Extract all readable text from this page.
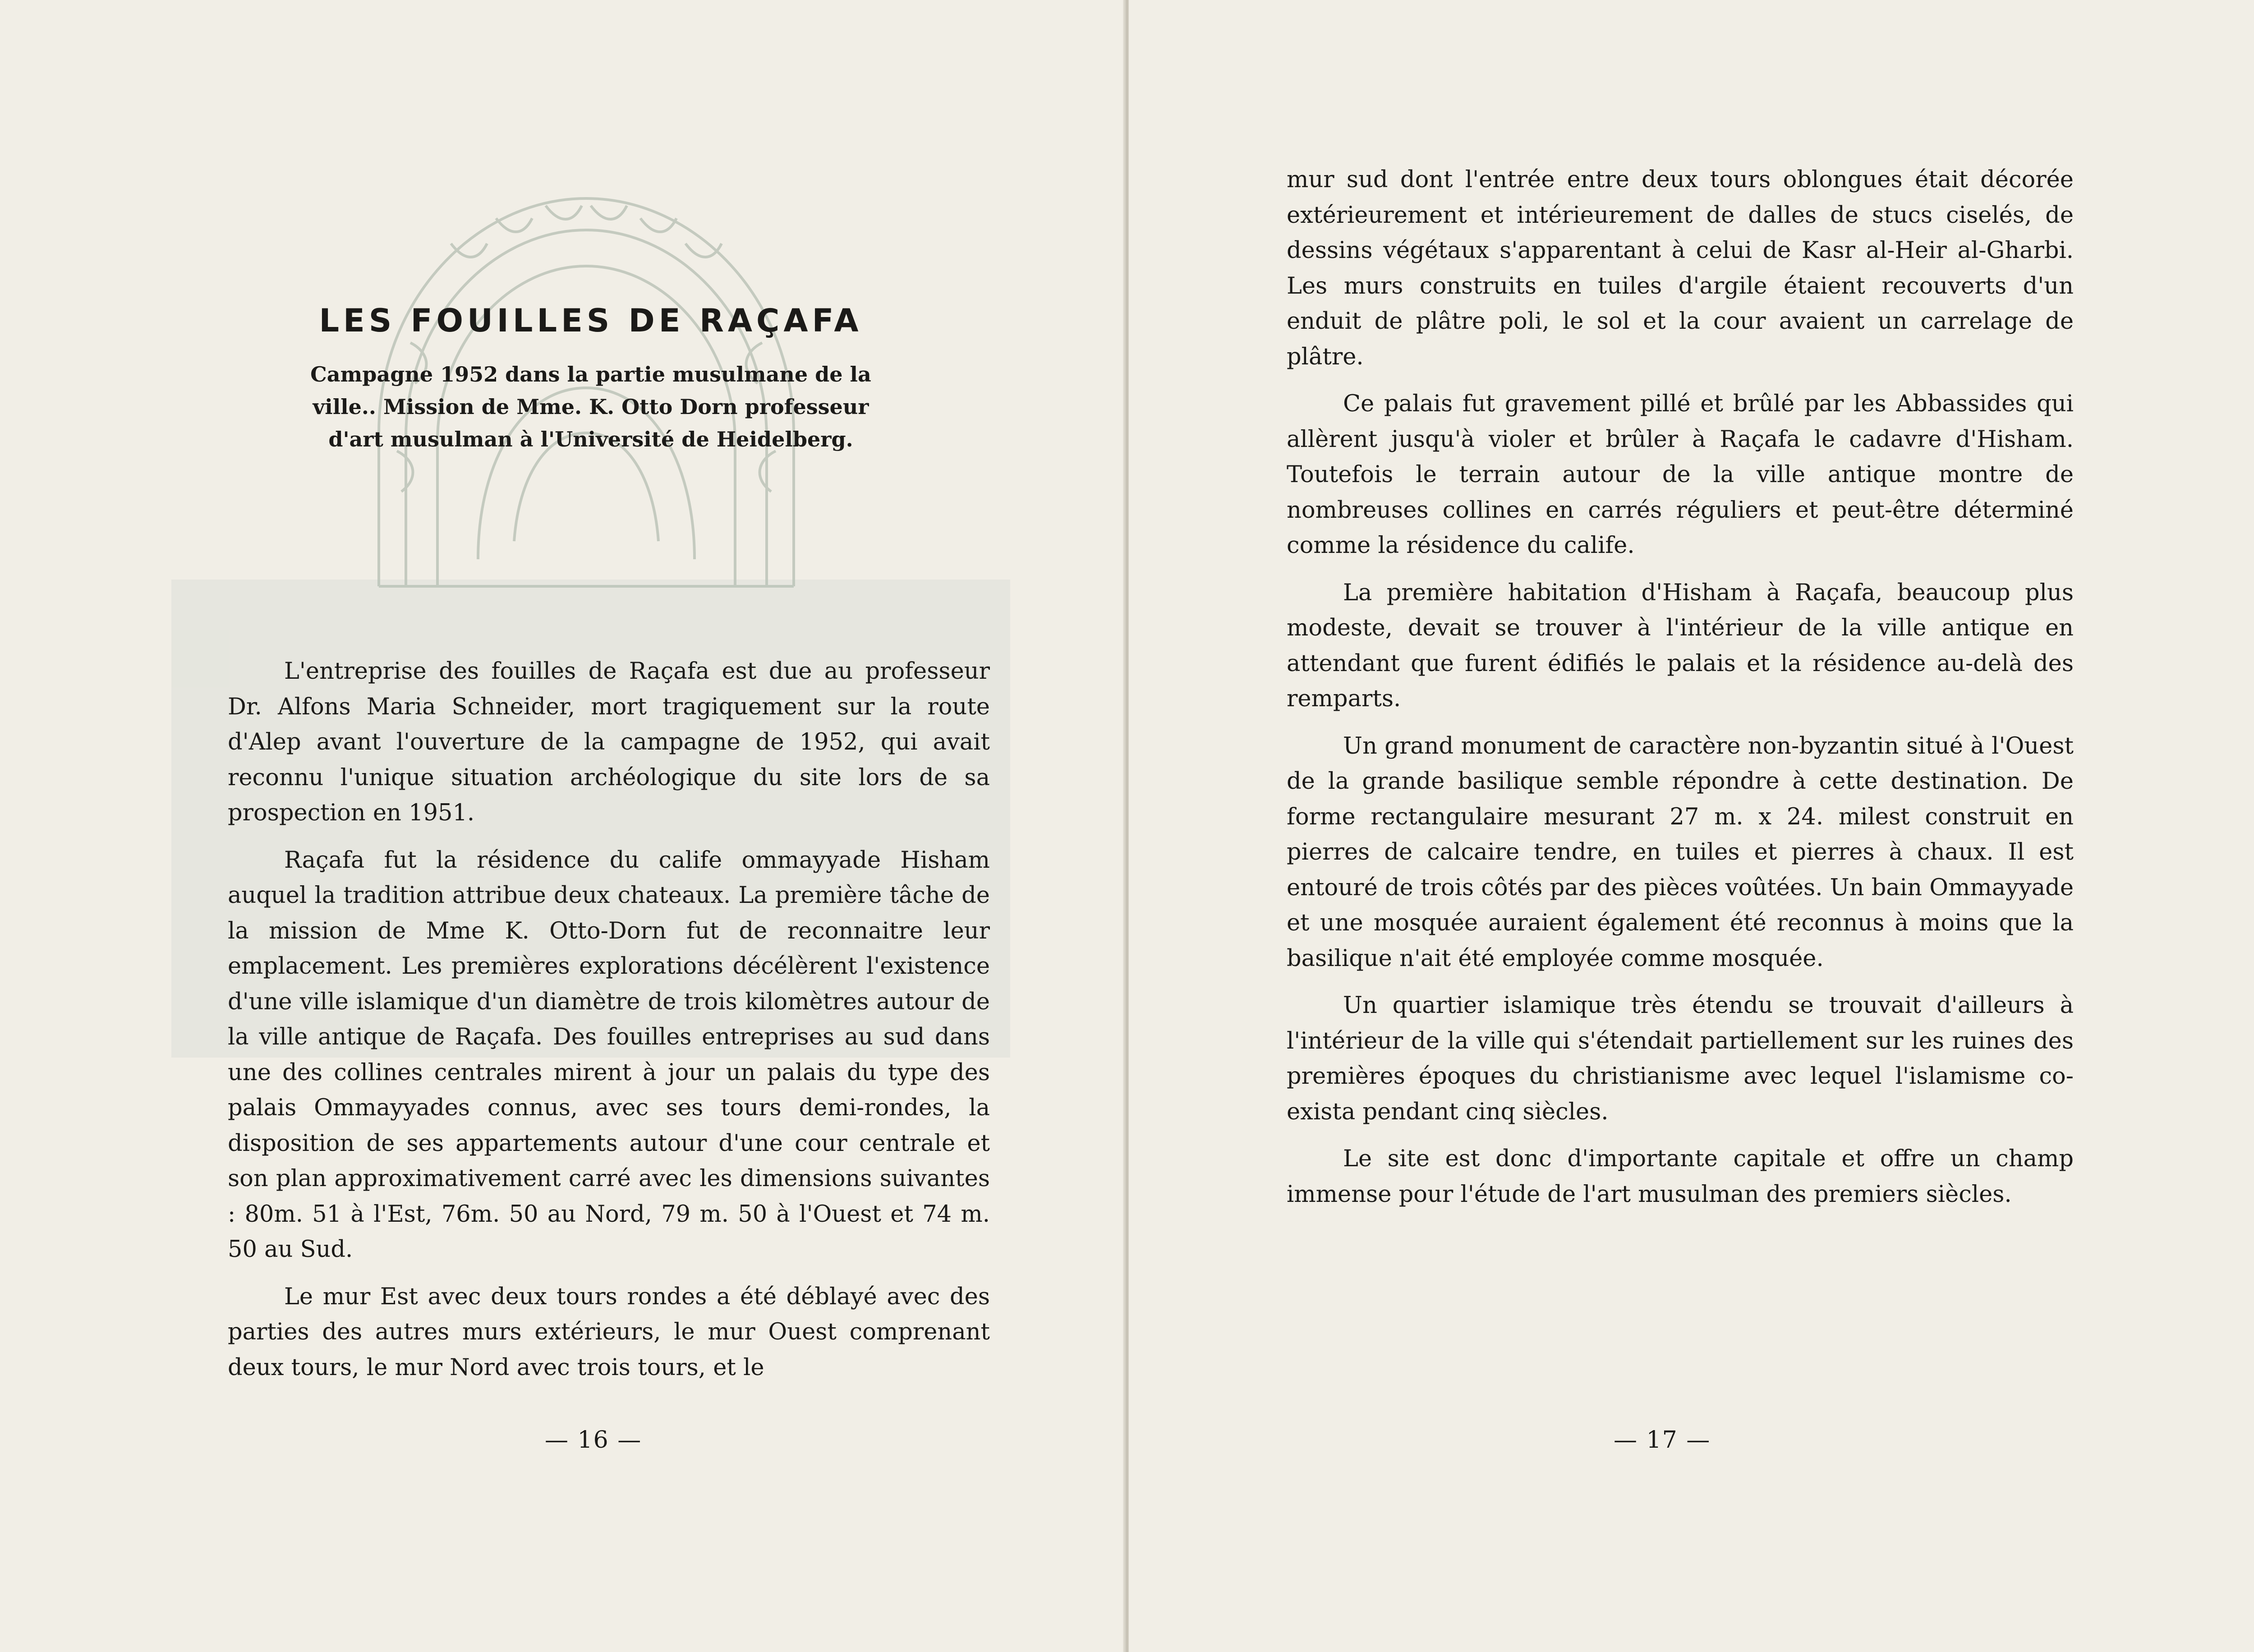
LES FOUILLES DE RAÇAFA
Campagne 1952 dans la partie musulmane de la ville.. Mission de Mme. K. Otto Dorn professeur d'art musulman à l'Université de Heidelberg.

L'entreprise des fouilles de Raçafa est due au professeur Dr. Alfons Maria Schneider, mort tragiquement sur la route d'Alep avant l'ouverture de la campagne de 1952, qui avait reconnu l'unique situation archéologique du site lors de sa prospection en 1951.

Raçafa fut la résidence du calife ommayyade Hisham auquel la tradition attribue deux chateaux. La première tâche de la mission de Mme K. Otto-Dorn fut de reconnaitre leur emplacement. Les premières explorations décélèrent l'existence d'une ville islamique d'un diamètre de trois kilomètres autour de la ville antique de Raçafa. Des fouilles entreprises au sud dans une des collines centrales mirent à jour un palais du type des palais Ommayyades connus, avec ses tours demi-rondes, la disposition de ses appartements autour d'une cour centrale et son plan approximativement carré avec les dimensions suivantes : 80m. 51 à l'Est, 76m. 50 au Nord, 79 m. 50 à l'Ouest et 74 m. 50 au Sud.

Le mur Est avec deux tours rondes a été déblayé avec des parties des autres murs extérieurs, le mur Ouest comprenant deux tours, le mur Nord avec trois tours, et le

— 16 —

mur sud dont l'entrée entre deux tours oblongues était décorée extérieurement et intérieurement de dalles de stucs ciselés, de dessins végétaux s'apparentant à celui de Kasr al-Heir al-Gharbi. Les murs construits en tuiles d'argile étaient recouverts d'un enduit de plâtre poli, le sol et la cour avaient un carrelage de plâtre.

Ce palais fut gravement pillé et brûlé par les Abbassides qui allèrent jusqu'à violer et brûler à Raçafa le cadavre d'Hisham. Toutefois le terrain autour de la ville antique montre de nombreuses collines en carrés réguliers et peut-être déterminé comme la résidence du calife.

La première habitation d'Hisham à Raçafa, beaucoup plus modeste, devait se trouver à l'intérieur de la ville antique en attendant que furent édifiés le palais et la résidence au-delà des remparts.

Un grand monument de caractère non-byzantin situé à l'Ouest de la grande basilique semble répondre à cette destination. De forme rectangulaire mesurant 27 m. x 24. milest construit en pierres de calcaire tendre, en tuiles et pierres à chaux. Il est entouré de trois côtés par des pièces voûtées. Un bain Ommayyade et une mosquée auraient également été reconnus à moins que la basilique n'ait été employée comme mosquée.

Un quartier islamique très étendu se trouvait d'ailleurs à l'intérieur de la ville qui s'étendait partiellement sur les ruines des premières époques du christianisme avec lequel l'islamisme co-exista pendant cinq siècles.

Le site est donc d'importante capitale et offre un champ immense pour l'étude de l'art musulman des premiers siècles.

— 17 —
